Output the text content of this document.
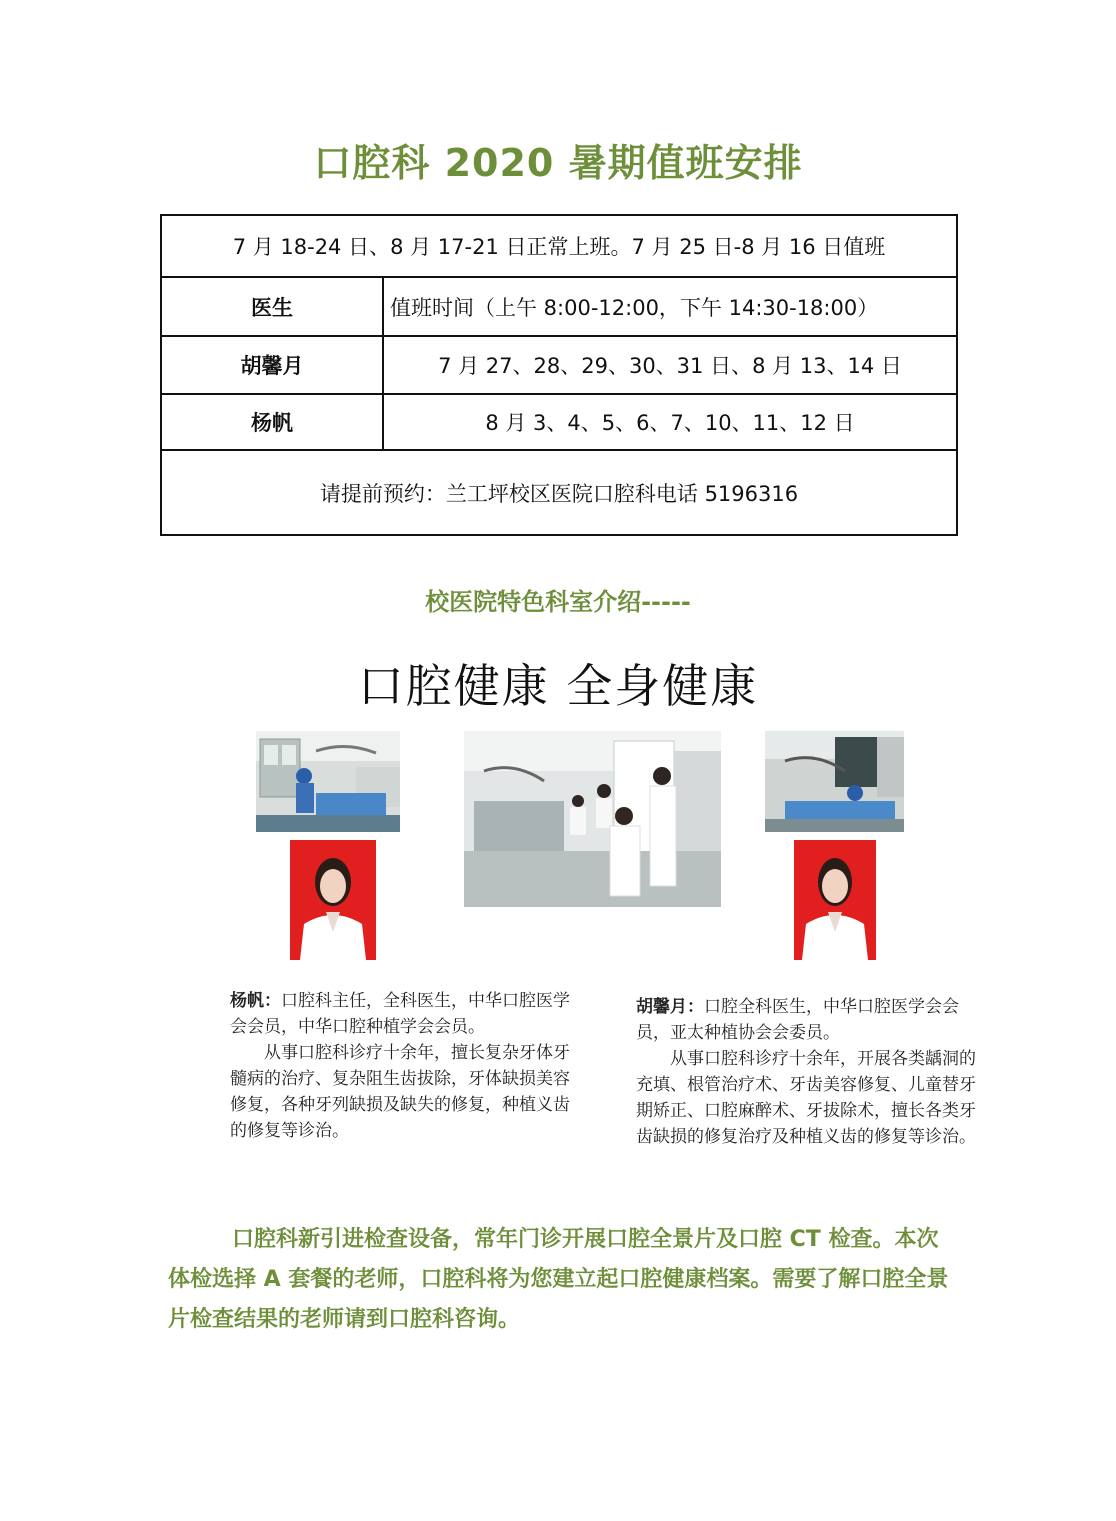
口腔科 2020 暑期值班安排
7 月 18-24 日、8 月 17-21 日正常上班。7 月 25 日-8 月 16 日值班	
医生	值班时间（上午 8:00-12:00，下午 14:30-18:00）
胡馨月	7 月 27、28、29、30、31 日、8 月 13、14 日
杨帆	8 月 3、4、5、6、7、10、11、12 日
请提前预约：兰工坪校区医院口腔科电话 5196316	
校医院特色科室介绍-----
口腔健康 全身健康

杨帆：口腔科主任，全科医生，中华口腔医学会会员，中华口腔种植学会会员。

从事口腔科诊疗十余年，擅长复杂牙体牙髓病的治疗、复杂阻生齿拔除，牙体缺损美容修复，各种牙列缺损及缺失的修复，种植义齿的修复等诊治。

胡馨月：口腔全科医生，中华口腔医学会会员，亚太种植协会会委员。

从事口腔科诊疗十余年，开展各类龋洞的充填、根管治疗术、牙齿美容修复、儿童替牙期矫正、口腔麻醉术、牙拔除术，擅长各类牙齿缺损的修复治疗及种植义齿的修复等诊治。

口腔科新引进检查设备，常年门诊开展口腔全景片及口腔 CT 检查。本次体检选择 A 套餐的老师，口腔科将为您建立起口腔健康档案。需要了解口腔全景片检查结果的老师请到口腔科咨询。
